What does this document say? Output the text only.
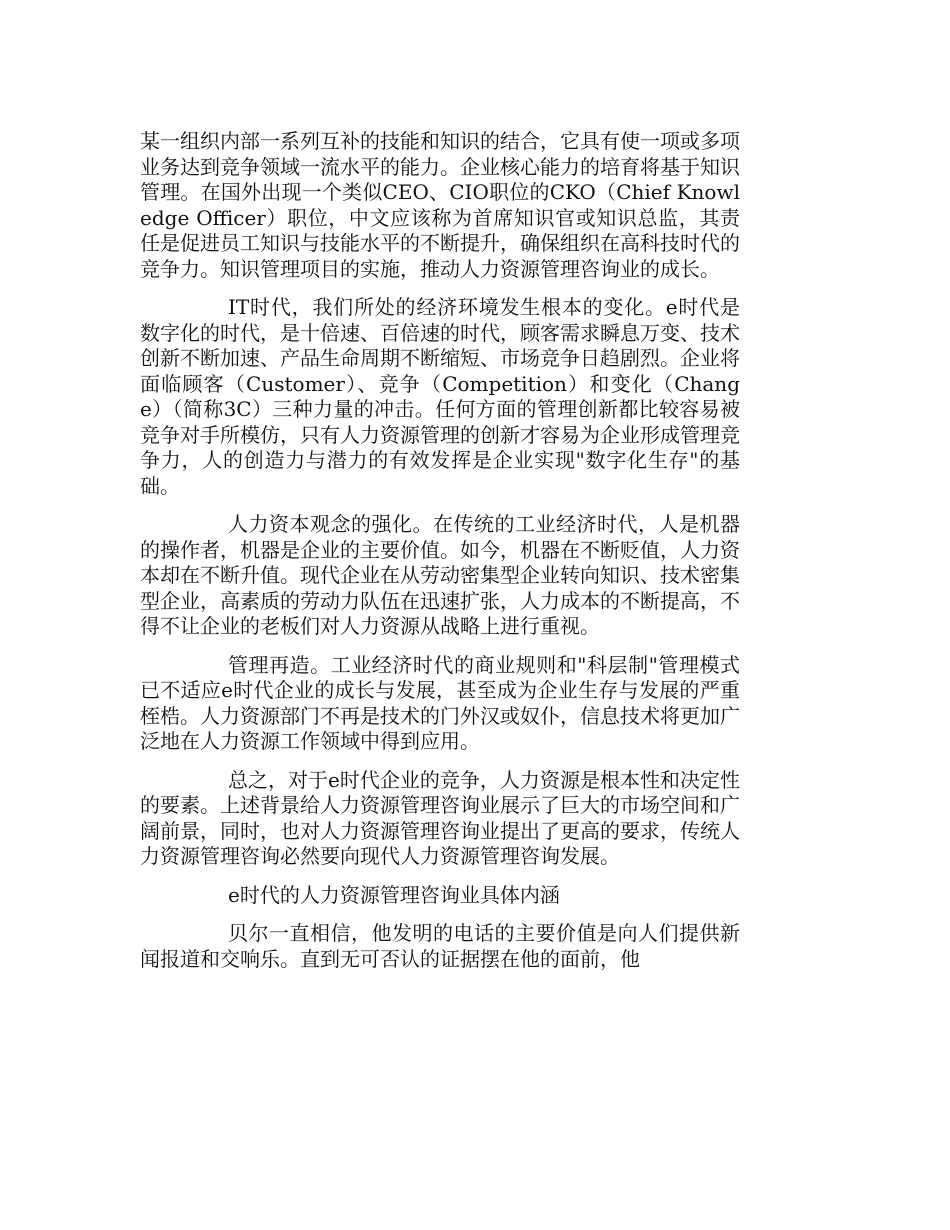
某一组织内部一系列互补的技能和知识的结合，它具有使一项或多项业务达到竞争领域一流水平的能力。企业核心能力的培育将基于知识管理。在国外出现一个类似CEO、CIO职位的CKO（Chief Knowledge Officer）职位，中文应该称为首席知识官或知识总监，其责任是促进员工知识与技能水平的不断提升，确保组织在高科技时代的竞争力。知识管理项目的实施，推动人力资源管理咨询业的成长。

IT时代，我们所处的经济环境发生根本的变化。e时代是数字化的时代，是十倍速、百倍速的时代，顾客需求瞬息万变、技术创新不断加速、产品生命周期不断缩短、市场竞争日趋剧烈。企业将面临顾客（Customer）、竞争（Competition）和变化（Change）（简称3C）三种力量的冲击。任何方面的管理创新都比较容易被竞争对手所模仿，只有人力资源管理的创新才容易为企业形成管理竞争力，人的创造力与潜力的有效发挥是企业实现"数字化生存"的基础。

人力资本观念的强化。在传统的工业经济时代，人是机器的操作者，机器是企业的主要价值。如今，机器在不断贬值，人力资本却在不断升值。现代企业在从劳动密集型企业转向知识、技术密集型企业，高素质的劳动力队伍在迅速扩张，人力成本的不断提高，不得不让企业的老板们对人力资源从战略上进行重视。

管理再造。工业经济时代的商业规则和"科层制"管理模式已不适应e时代企业的成长与发展，甚至成为企业生存与发展的严重桎梏。人力资源部门不再是技术的门外汉或奴仆，信息技术将更加广泛地在人力资源工作领域中得到应用。

总之，对于e时代企业的竞争，人力资源是根本性和决定性的要素。上述背景给人力资源管理咨询业展示了巨大的市场空间和广阔前景，同时，也对人力资源管理咨询业提出了更高的要求，传统人力资源管理咨询必然要向现代人力资源管理咨询发展。

e时代的人力资源管理咨询业具体内涵

贝尔一直相信，他发明的电话的主要价值是向人们提供新闻报道和交响乐。直到无可否认的证据摆在他的面前，他
